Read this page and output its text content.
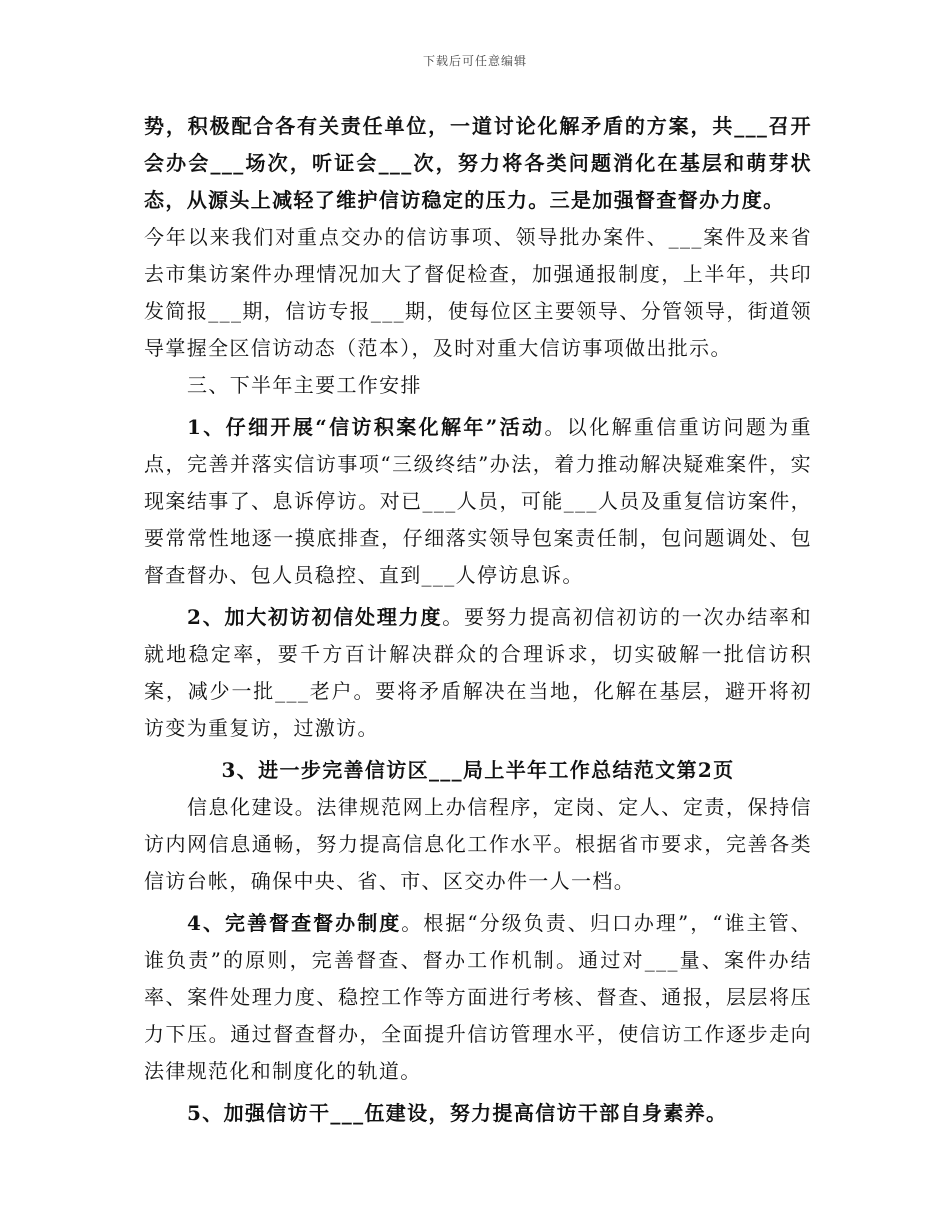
下载后可任意编辑

势，积极配合各有关责任单位，一道讨论化解矛盾的方案，共___召开会办会___场次，听证会___次，努力将各类问题消化在基层和萌芽状态，从源头上减轻了维护信访稳定的压力。三是加强督查督办力度。

今年以来我们对重点交办的信访事项、领导批办案件、___案件及来省去市集访案件办理情况加大了督促检查，加强通报制度，上半年，共印发简报___期，信访专报___期，使每位区主要领导、分管领导，街道领导掌握全区信访动态（范本），及时对重大信访事项做出批示。

三、下半年主要工作安排

1、仔细开展“信访积案化解年”活动。以化解重信重访问题为重点，完善并落实信访事项“三级终结”办法，着力推动解决疑难案件，实现案结事了、息诉停访。对已___人员，可能___人员及重复信访案件，要常常性地逐一摸底排查，仔细落实领导包案责任制，包问题调处、包督查督办、包人员稳控、直到___人停访息诉。

2、加大初访初信处理力度。要努力提高初信初访的一次办结率和就地稳定率，要千方百计解决群众的合理诉求，切实破解一批信访积案，减少一批___老户。要将矛盾解决在当地，化解在基层，避开将初访变为重复访，过激访。

3、进一步完善信访区___局上半年工作总结范文第2页

信息化建设。法律规范网上办信程序，定岗、定人、定责，保持信访内网信息通畅，努力提高信息化工作水平。根据省市要求，完善各类信访台帐，确保中央、省、市、区交办件一人一档。

4、完善督查督办制度。根据“分级负责、归口办理”，“谁主管、谁负责”的原则，完善督查、督办工作机制。通过对___量、案件办结率、案件处理力度、稳控工作等方面进行考核、督查、通报，层层将压力下压。通过督查督办，全面提升信访管理水平，使信访工作逐步走向法律规范化和制度化的轨道。

5、加强信访干___伍建设，努力提高信访干部自身素养。
